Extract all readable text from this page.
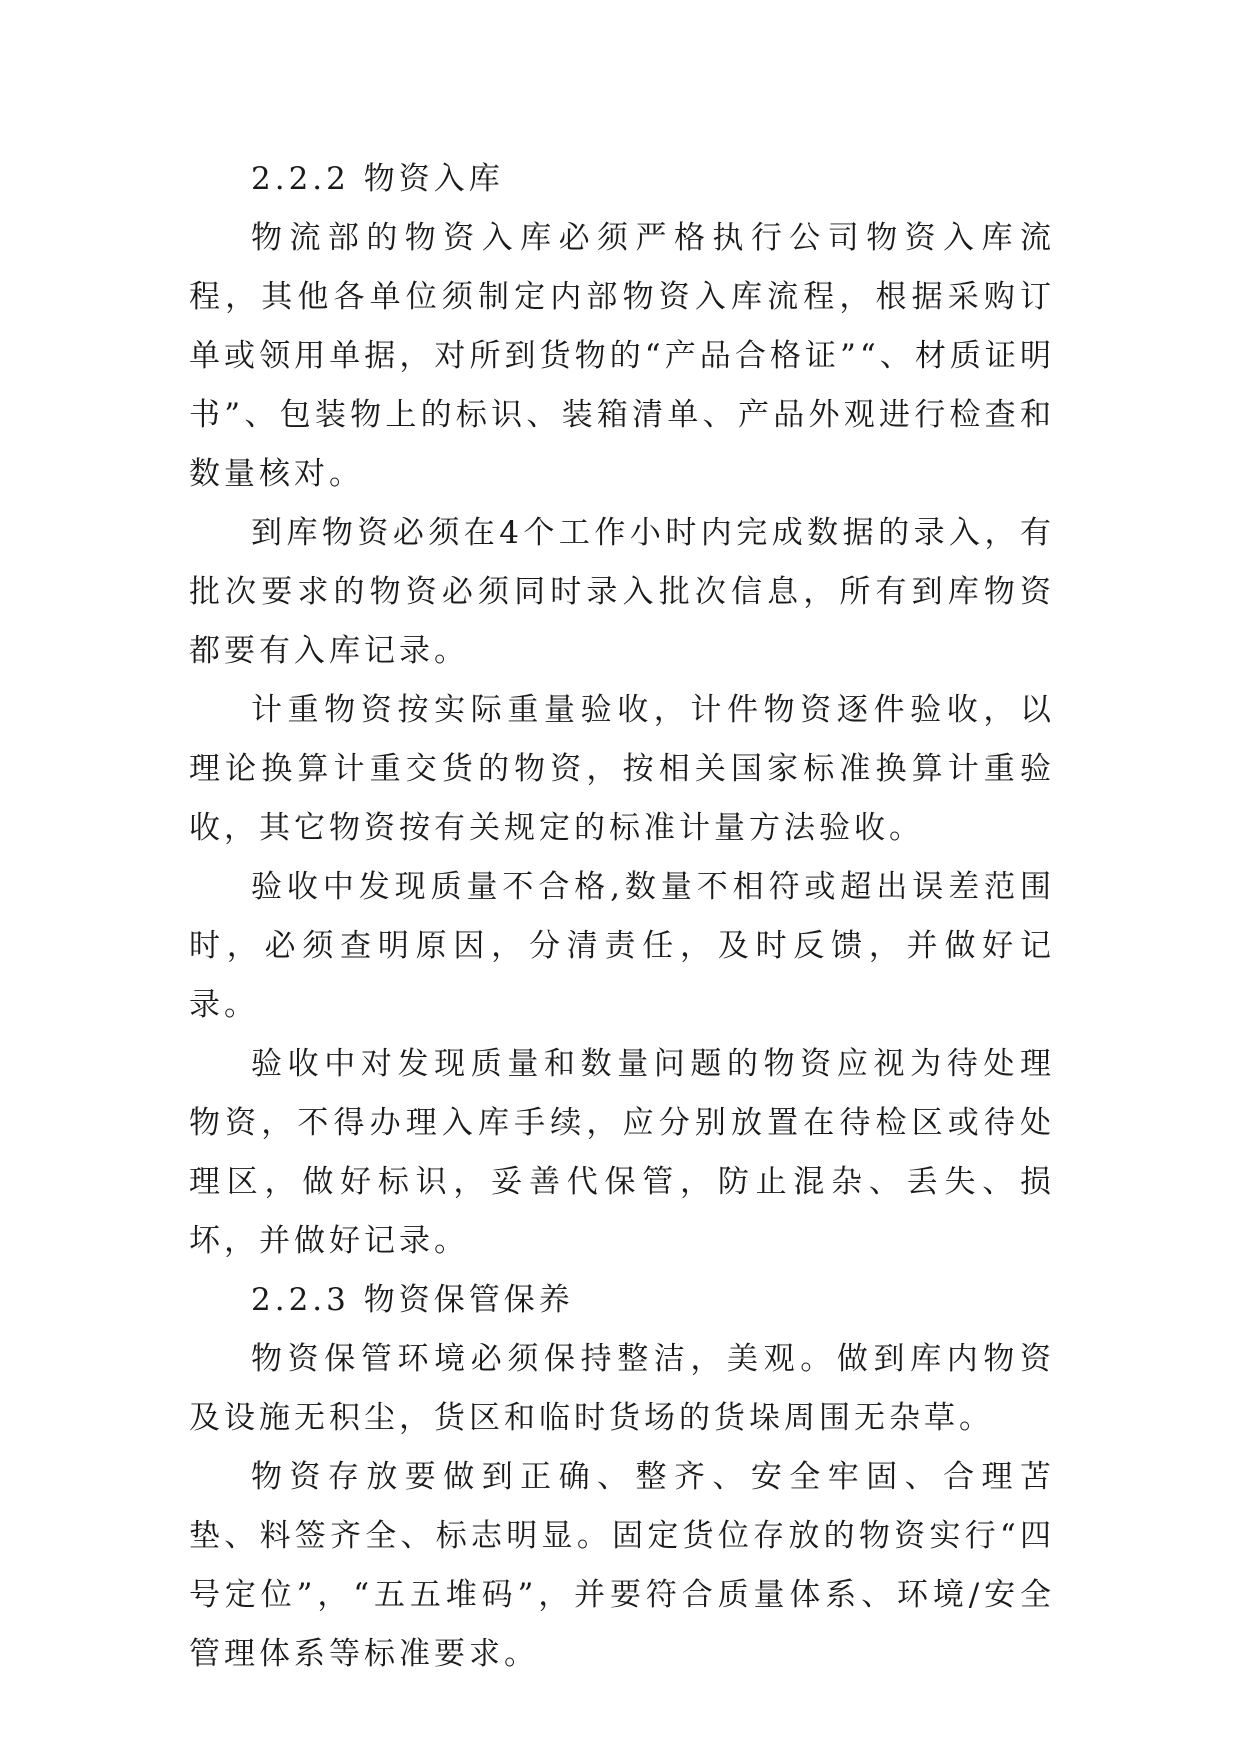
2.2.2 物资入库

物流部的物资入库必须严格执行公司物资入库流程，其他各单位须制定内部物资入库流程，根据采购订单或领用单据，对所到货物的“产品合格证”“、材质证明书”、包装物上的标识、装箱清单、产品外观进行检查和数量核对。

到库物资必须在4个工作小时内完成数据的录入，有批次要求的物资必须同时录入批次信息，所有到库物资都要有入库记录。

计重物资按实际重量验收，计件物资逐件验收，以理论换算计重交货的物资，按相关国家标准换算计重验收，其它物资按有关规定的标准计量方法验收。

验收中发现质量不合格,数量不相符或超出误差范围时，必须查明原因，分清责任，及时反馈，并做好记录。

验收中对发现质量和数量问题的物资应视为待处理物资，不得办理入库手续，应分别放置在待检区或待处理区，做好标识，妥善代保管，防止混杂、丢失、损坏，并做好记录。

2.2.3 物资保管保养

物资保管环境必须保持整洁，美观。做到库内物资及设施无积尘，货区和临时货场的货垛周围无杂草。

物资存放要做到正确、整齐、安全牢固、合理苫垫、料签齐全、标志明显。固定货位存放的物资实行“四号定位”，“五五堆码”，并要符合质量体系、环境/安全管理体系等标准要求。
